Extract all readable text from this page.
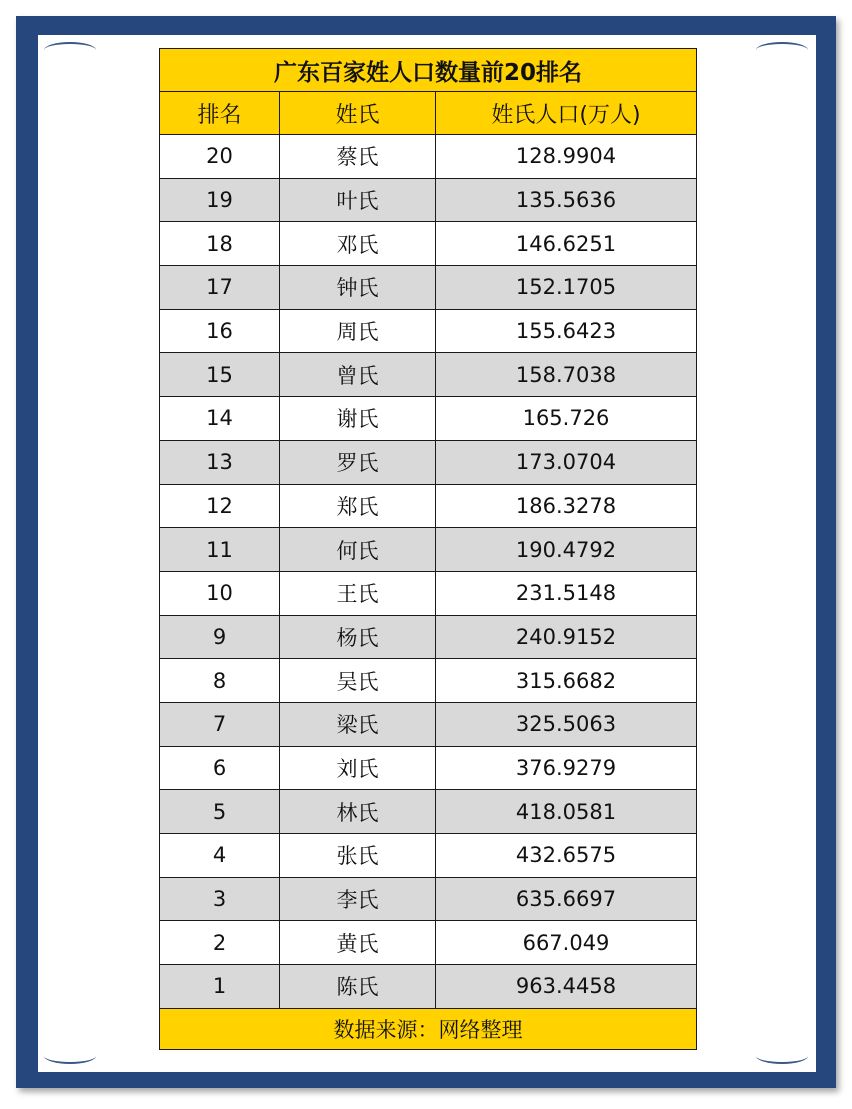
广东百家姓人口数量前20排名		
排名	姓氏	姓氏人口(万人)
20	蔡氏	128.9904
19	叶氏	135.5636
18	邓氏	146.6251
17	钟氏	152.1705
16	周氏	155.6423
15	曾氏	158.7038
14	谢氏	165.726
13	罗氏	173.0704
12	郑氏	186.3278
11	何氏	190.4792
10	王氏	231.5148
9	杨氏	240.9152
8	吴氏	315.6682
7	梁氏	325.5063
6	刘氏	376.9279
5	林氏	418.0581
4	张氏	432.6575
3	李氏	635.6697
2	黄氏	667.049
1	陈氏	963.4458
数据来源：网络整理		
